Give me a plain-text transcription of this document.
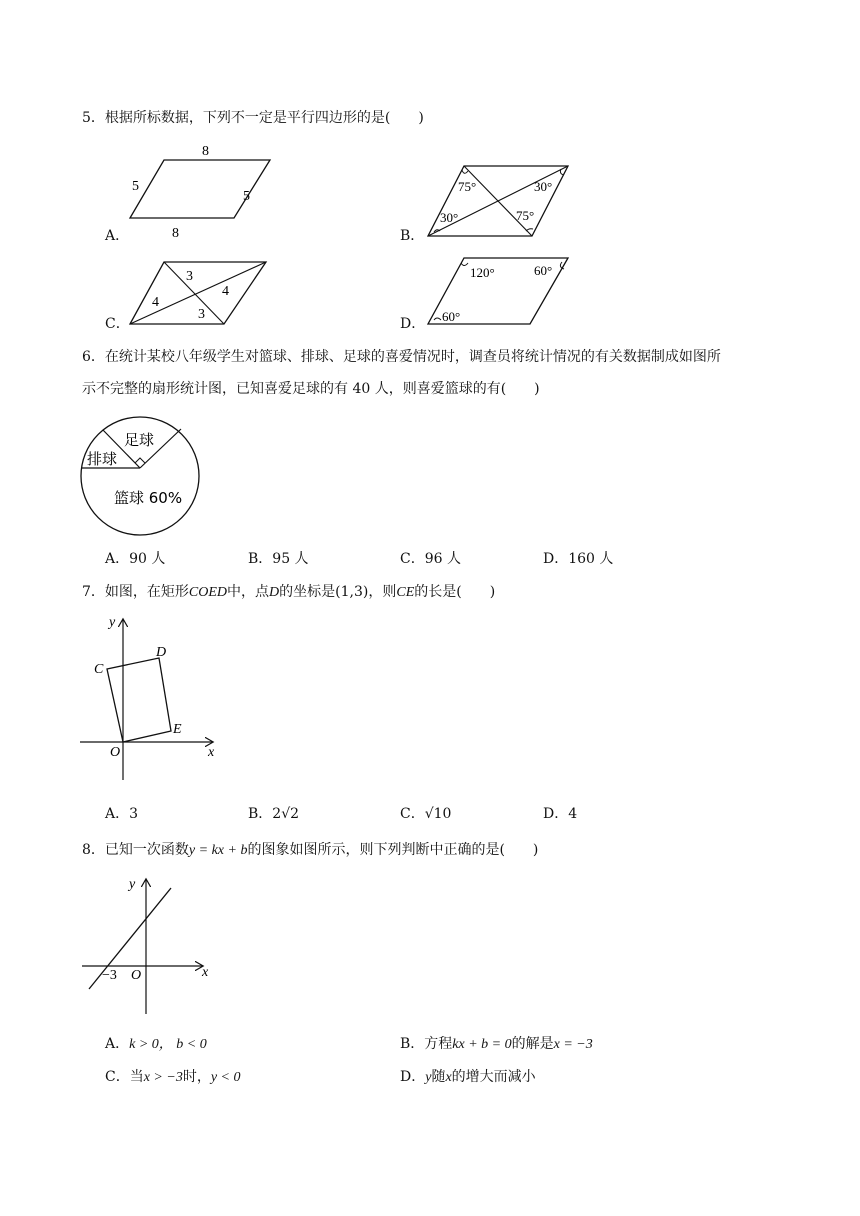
5．根据所标数据，下列不一定是平行四边形的是(　　)
A．
8
8
5
5
B．
75°
30°
30°
75°
C．
3
4
4
3
D．
120°	60°
60°
6．在统计某校八年级学生对篮球、排球、足球的喜爱情况时，调查员将统计情况的有关数据制成如图所
示不完整的扇形统计图，已知喜爱足球的有 40 人，则喜爱篮球的有(　　)
足球
排球
篮球 60%
A．90 人	B．95 人	C．96 人	D．160 人
7．如图，在矩形COED中，点D的坐标是(1,3)，则CE的长是(　　)
y
x
C
D
E
O
A．3	B．2√2	C．√10	D．4
8．已知一次函数y = kx + b的图象如图所示，则下列判断中正确的是(　　)
y
x
−3 O
A．k > 0， b < 0	B．方程kx + b = 0的解是x = −3
C．当x > −3时，y < 0	D．y随x的增大而减小
